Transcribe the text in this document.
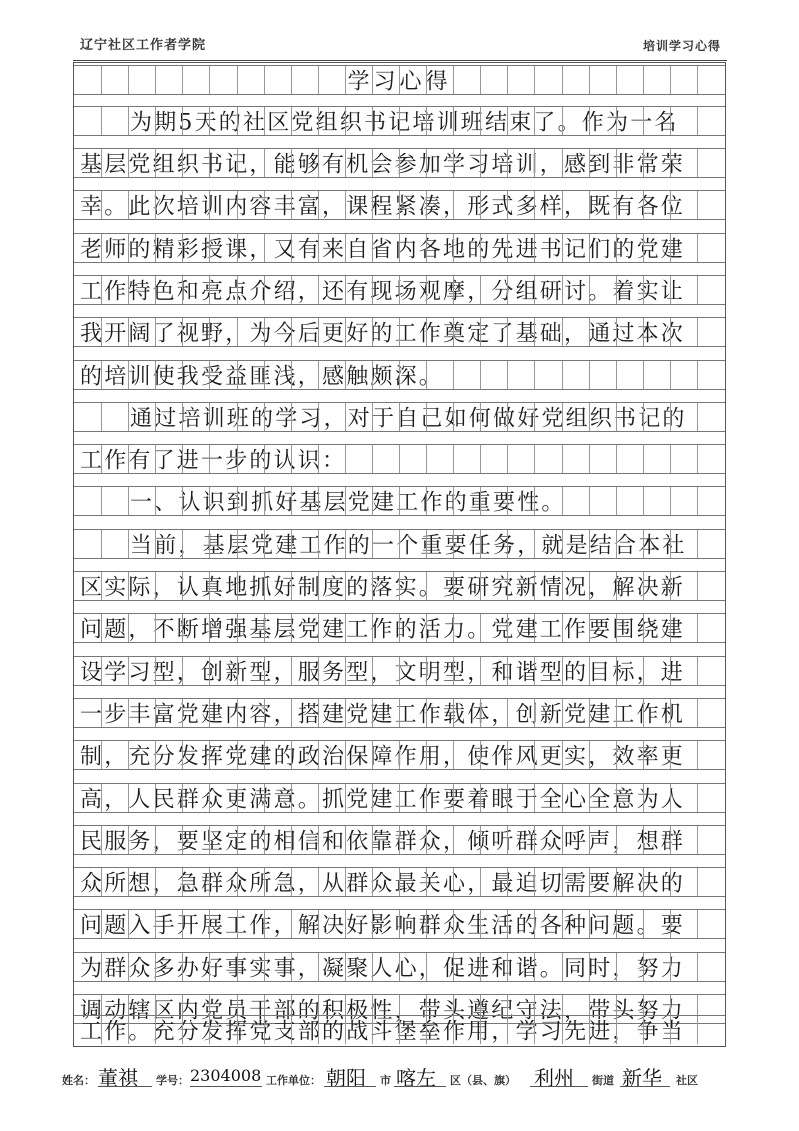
辽宁社区工作者学院	培训学习心得
学习心得
为期5天的社区党组织书记培训班结束了。作为一名
基层党组织书记，能够有机会参加学习培训，感到非常荣
幸。此次培训内容丰富，课程紧凑，形式多样，既有各位
老师的精彩授课，又有来自省内各地的先进书记们的党建
工作特色和亮点介绍，还有现场观摩，分组研讨。着实让
我开阔了视野，为今后更好的工作奠定了基础，通过本次
的培训使我受益匪浅，感触颇深。
通过培训班的学习，对于自己如何做好党组织书记的
工作有了进一步的认识：
一、认识到抓好基层党建工作的重要性。
当前，基层党建工作的一个重要任务，就是结合本社
区实际，认真地抓好制度的落实。要研究新情况，解决新
问题，不断增强基层党建工作的活力。党建工作要围绕建
设学习型，创新型，服务型，文明型，和谐型的目标，进
一步丰富党建内容，搭建党建工作载体，创新党建工作机
制，充分发挥党建的政治保障作用，使作风更实，效率更
高，人民群众更满意。抓党建工作要着眼于全心全意为人
民服务，要坚定的相信和依靠群众，倾听群众呼声，想群
众所想，急群众所急，从群众最关心，最迫切需要解决的
问题入手开展工作，解决好影响群众生活的各种问题。要
为群众多办好事实事，凝聚人心，促进和谐。同时，努力
调动辖区内党员干部的积极性，带头遵纪守法，带头努力
工作。充分发挥党支部的战斗堡垒作用，学习先进，争当
姓名： 董祺 学号： 2304008 工作单位： 朝阳 市 喀左 区（县、旗） 利州 街道 新华 社区
